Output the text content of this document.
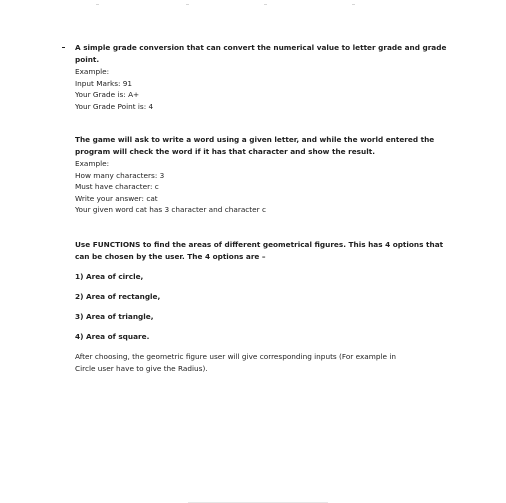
A simple grade conversion that can convert the numerical value to letter grade and grade

point.

Example:

Input Marks: 91

Your Grade is: A+

Your Grade Point is: 4

The game will ask to write a word using a given letter, and while the world entered the

program will check the word if it has that character and show the result.

Example:

How many characters: 3

Must have character: c

Write your answer: cat

Your given word cat has 3 character and character c

Use FUNCTIONS to find the areas of different geometrical figures. This has 4 options that

can be chosen by the user. The 4 options are –

1) Area of circle,

2) Area of rectangle,

3) Area of triangle,

4) Area of square.

After choosing, the geometric figure user will give corresponding inputs (For example in

Circle user have to give the Radius).
